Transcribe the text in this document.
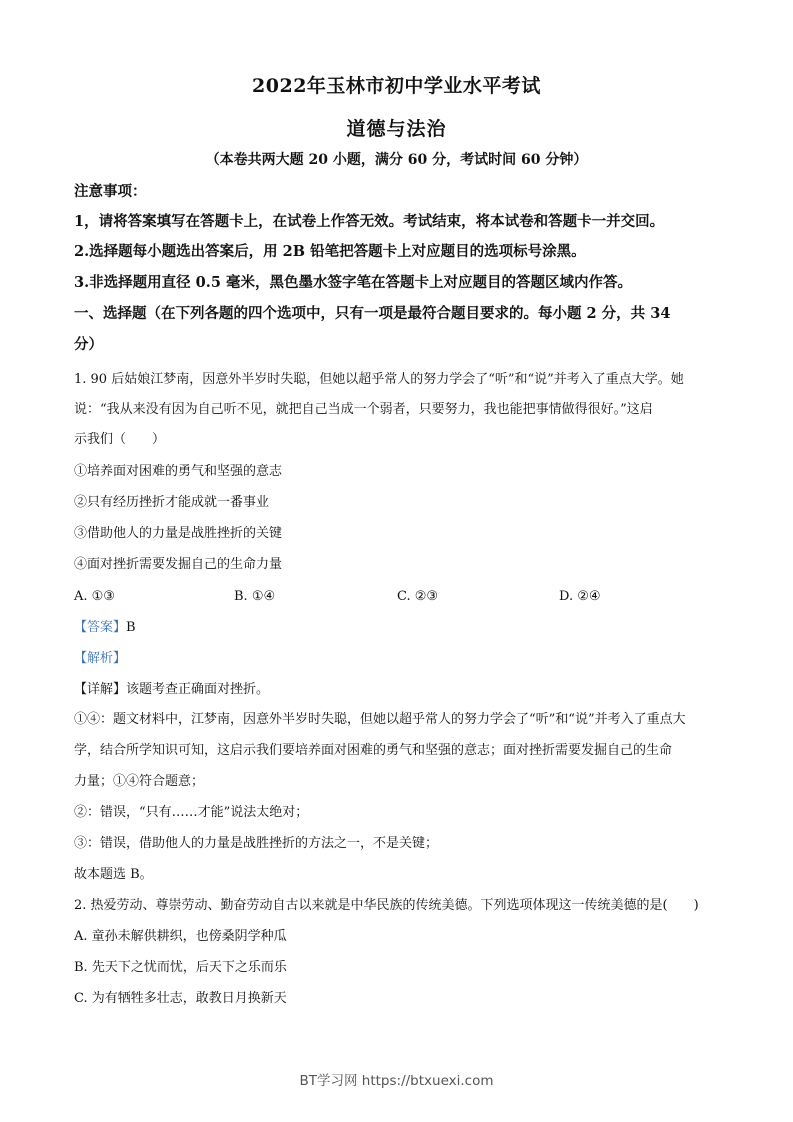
2022年玉林市初中学业水平考试
道德与法治
（本卷共两大题 20 小题，满分 60 分，考试时间 60 分钟）
注意事项：
1，请将答案填写在答题卡上，在试卷上作答无效。考试结束，将本试卷和答题卡一并交回。
2.选择题每小题选出答案后，用 2B 铅笔把答题卡上对应题目的选项标号涂黑。
3.非选择题用直径 0.5 毫米，黑色墨水签字笔在答题卡上对应题目的答题区域内作答。
一、选择题（在下列各题的四个选项中，只有一项是最符合题目要求的。每小题 2 分，共 34
分）
1. 90 后姑娘江梦南，因意外半岁时失聪，但她以超乎常人的努力学会了“听”和“说”并考入了重点大学。她
说：“我从来没有因为自己听不见，就把自己当成一个弱者，只要努力，我也能把事情做得很好。”这启
示我们（　　）
①培养面对困难的勇气和坚强的意志
②只有经历挫折才能成就一番事业
③借助他人的力量是战胜挫折的关键
④面对挫折需要发掘自己的生命力量
A. ①③	B. ①④	C. ②③	D. ②④
【答案】B
【解析】
【详解】该题考查正确面对挫折。
①④：题文材料中，江梦南，因意外半岁时失聪，但她以超乎常人的努力学会了“听”和“说”并考入了重点大
学，结合所学知识可知，这启示我们要培养面对困难的勇气和坚强的意志；面对挫折需要发掘自己的生命
力量；①④符合题意；
②：错误，“只有……才能”说法太绝对；
③：错误，借助他人的力量是战胜挫折的方法之一，不是关键；
故本题选 B。
2. 热爱劳动、尊崇劳动、勤奋劳动自古以来就是中华民族的传统美德。下列选项体现这一传统美德的是(　　)
A. 童孙未解供耕织，也傍桑阴学种瓜
B. 先天下之忧而忧，后天下之乐而乐
C. 为有牺牲多壮志，敢教日月换新天
BT学习网 https://btxuexi.com
